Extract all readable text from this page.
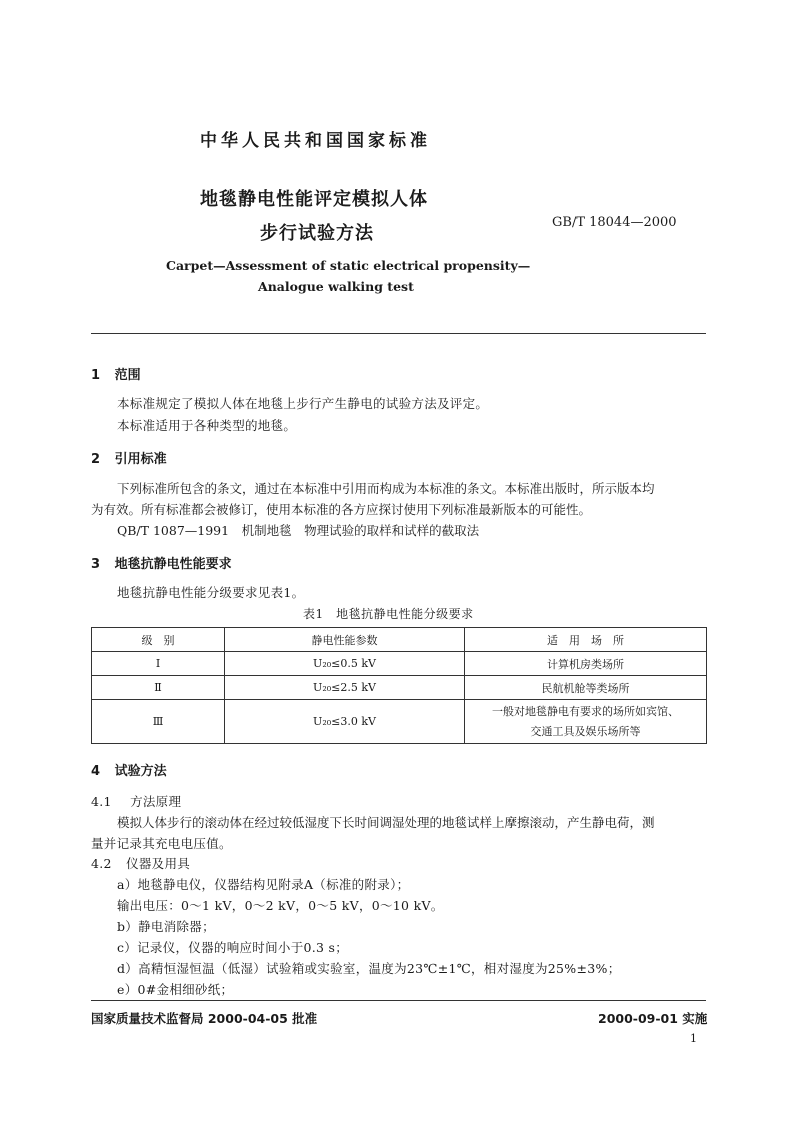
中华人民共和国国家标准
地毯静电性能评定模拟人体
步行试验方法
GB/T 18044—2000
Carpet—Assessment of static electrical propensity—
Analogue walking test
1 范围
本标准规定了模拟人体在地毯上步行产生静电的试验方法及评定。
本标准适用于各种类型的地毯。
2 引用标准
下列标准所包含的条文，通过在本标准中引用而构成为本标准的条文。本标准出版时，所示版本均
为有效。所有标准都会被修订，使用本标准的各方应探讨使用下列标准最新版本的可能性。
QB/T 1087—1991　机制地毯　物理试验的取样和试样的截取法
3 地毯抗静电性能要求
地毯抗静电性能分级要求见表1。
表1　地毯抗静电性能分级要求
级　别	静电性能参数	适　用　场　所
Ⅰ	U₂₀≤0.5 kV	计算机房类场所
Ⅱ	U₂₀≤2.5 kV	民航机舱等类场所
Ⅲ	U₂₀≤3.0 kV	一般对地毯静电有要求的场所如宾馆、
交通工具及娱乐场所等
4 试验方法
4.1 方法原理
模拟人体步行的滚动体在经过较低湿度下长时间调湿处理的地毯试样上摩擦滚动，产生静电荷，测
量并记录其充电电压值。
4.2 仪器及用具
a）地毯静电仪，仪器结构见附录A（标准的附录）；
输出电压：0～1 kV，0～2 kV，0～5 kV，0～10 kV。
b）静电消除器；
c）记录仪，仪器的响应时间小于0.3 s；
d）高精恒湿恒温（低湿）试验箱或实验室，温度为23℃±1℃，相对湿度为25%±3%；
e）0#金相细砂纸；
国家质量技术监督局 2000-04-05 批准	2000-09-01 实施
1
